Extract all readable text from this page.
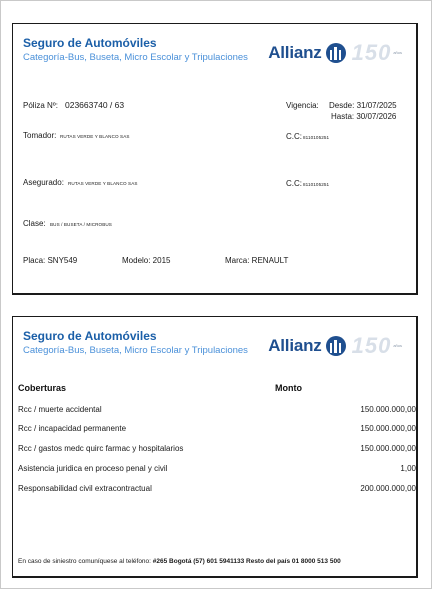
Seguro de Automóviles
Categoría-Bus, Buseta, Micro Escolar y Tripulaciones	Allianz 150 años
Póliza Nº: 023663740 / 63	Vigencia: Desde: 31/07/2025
Hasta: 30/07/2026
Tomador: RUTAS VERDE Y BLANCO SAS	C.C: 8110105251
Asegurado: RUTAS VERDE Y BLANCO SAS	C.C: 8110105251
Clase: BUS / BUSETA / MICROBUS
Placa: SNY549	Modelo: 2015	Marca: RENAULT
Seguro de Automóviles
Categoría-Bus, Buseta, Micro Escolar y Tripulaciones	Allianz 150 años
Coberturas	Monto
Rcc / muerte accidental	150.000.000,00
Rcc / incapacidad permanente	150.000.000,00
Rcc / gastos medc quirc farmac y hospitalarios	150.000.000,00
Asistencia juridica en proceso penal y civil	1,00
Responsabilidad civil extracontractual	200.000.000,00
En caso de siniestro comuníquese al teléfono: #265 Bogotá (57) 601 5941133 Resto del país 01 8000 513 500
